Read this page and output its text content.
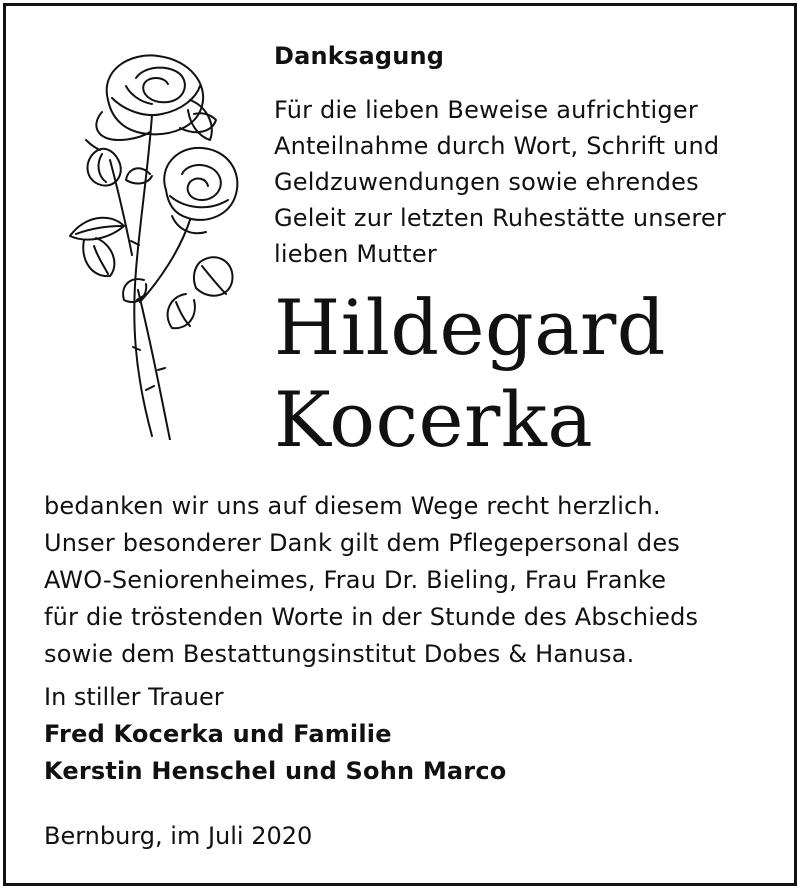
Danksagung
Für die lieben Beweise aufrichtiger
Anteilnahme durch Wort, Schrift und
Geldzuwendungen sowie ehrendes
Geleit zur letzten Ruhestätte unserer
lieben Mutter
Hildegard
Kocerka
bedanken wir uns auf diesem Wege recht herzlich.
Unser besonderer Dank gilt dem Pflegepersonal des
AWO-Seniorenheimes, Frau Dr. Bieling, Frau Franke
für die tröstenden Worte in der Stunde des Abschieds
sowie dem Bestattungsinstitut Dobes & Hanusa.
In stiller Trauer
Fred Kocerka und Familie
Kerstin Henschel und Sohn Marco
Bernburg, im Juli 2020
